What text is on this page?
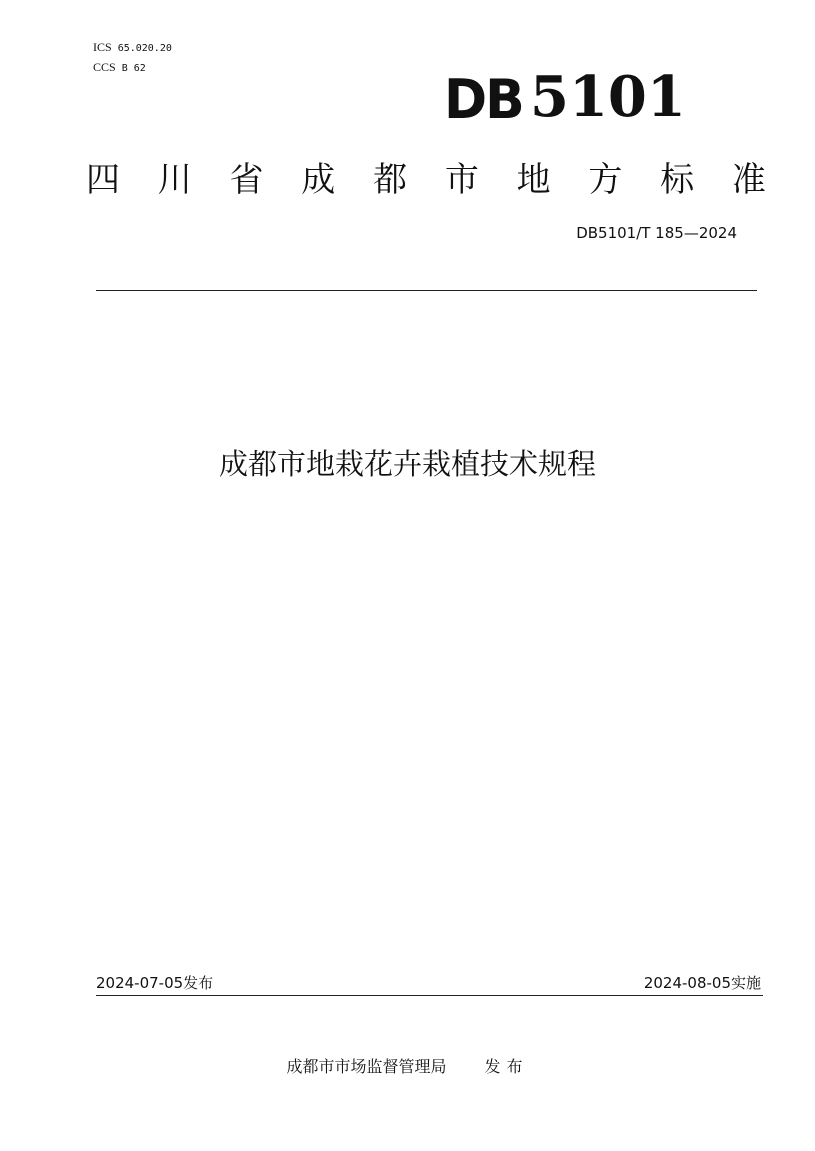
ICS 65.020.20
CCS B 62	DB 5101
四 川 省 成 都 市 地 方 标 准
DB5101/T 185—2024
成都市地栽花卉栽植技术规程
2024-07-05发布	2024-08-05实施
成都市市场监督管理局 发布
